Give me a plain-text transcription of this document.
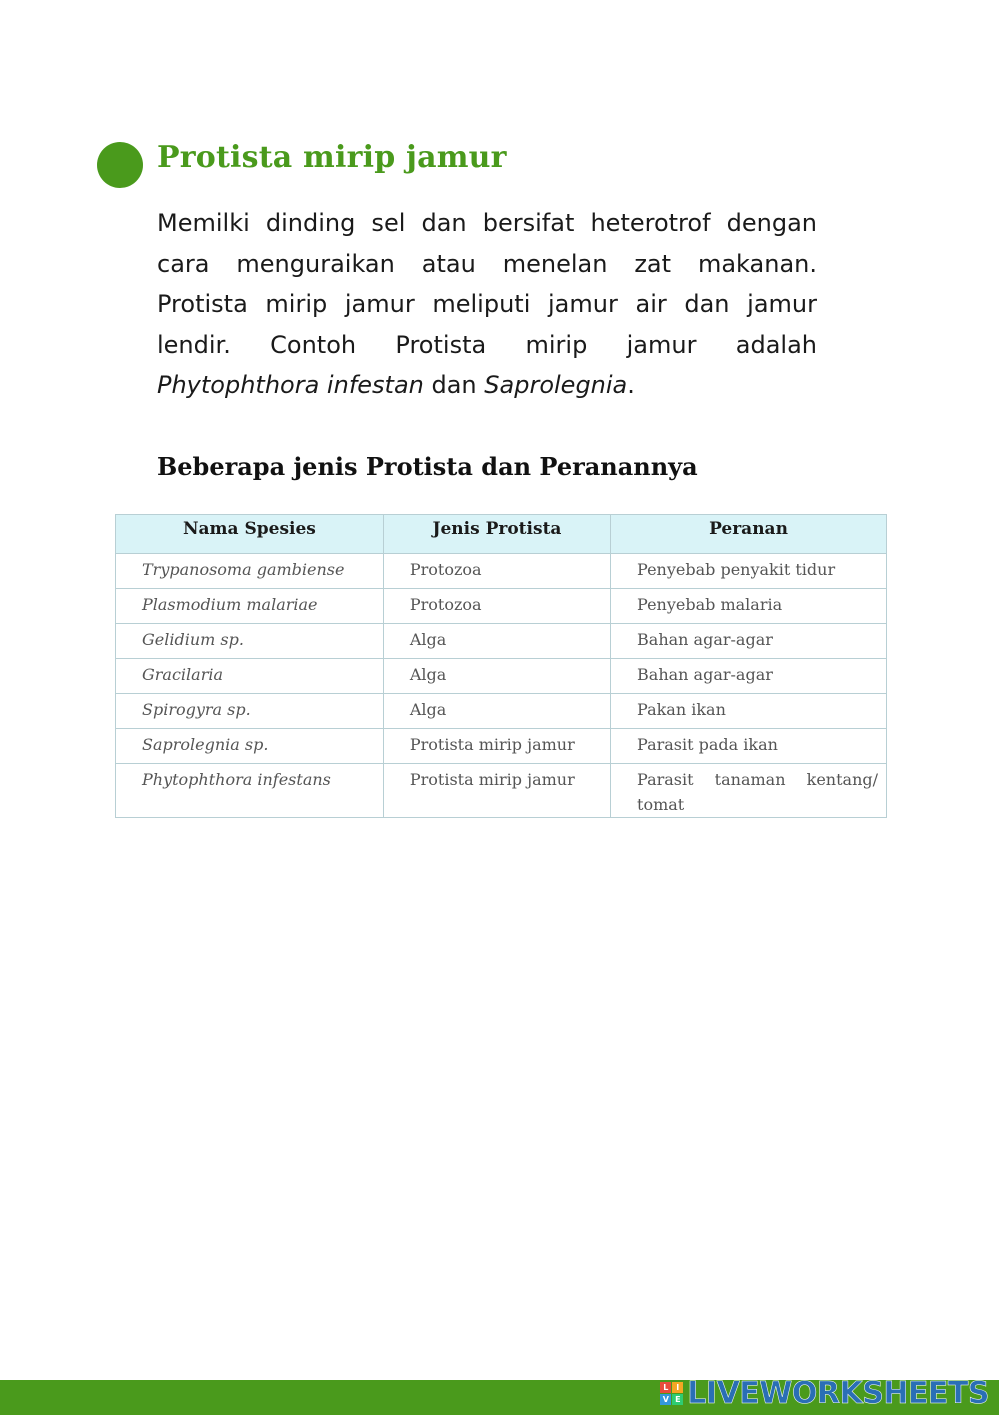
Protista mirip jamur

Memilki dinding sel dan bersifat heterotrof dengan cara menguraikan atau menelan zat makanan. Protista mirip jamur meliputi jamur air dan jamur lendir. Contoh Protista mirip jamur adalah Phytophthora infestan dan Saprolegnia.

Beberapa jenis Protista dan Peranannya
Nama Spesies	Jenis Protista	Peranan
Trypanosoma gambiense	Protozoa	Penyebab penyakit tidur
Plasmodium malariae	Protozoa	Penyebab malaria
Gelidium sp.	Alga	Bahan agar-agar
Gracilaria	Alga	Bahan agar-agar
Spirogyra sp.	Alga	Pakan ikan
Saprolegnia sp.	Protista mirip jamur	Parasit pada ikan
Phytophthora infestans	Protista mirip jamur	Parasit tanaman kentang/ tomat
L I
V E LIVEWORKSHEETS
